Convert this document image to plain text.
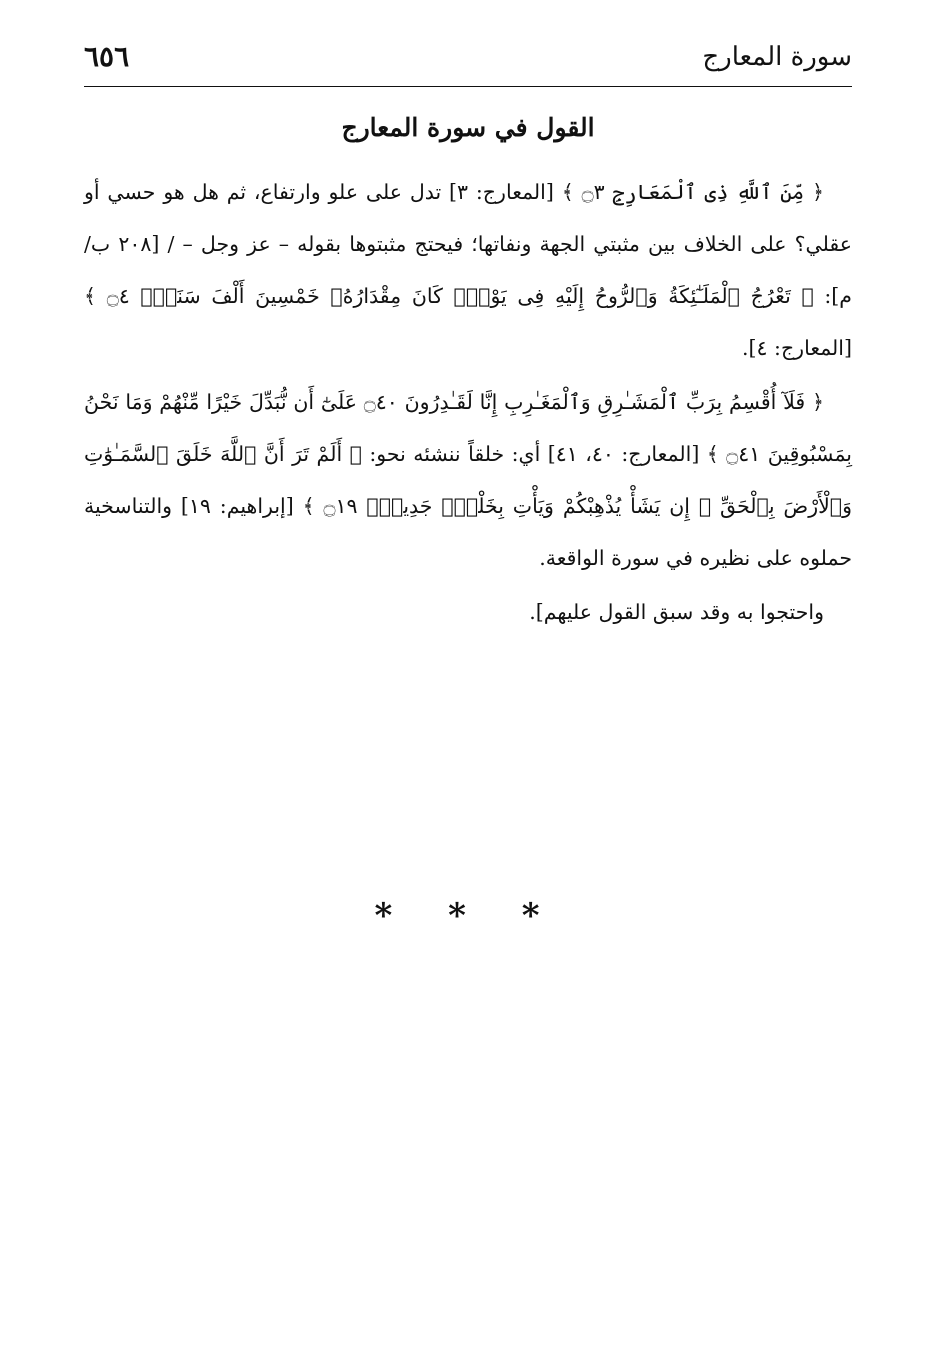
سورة المعارج
٦٥٦
القول في سورة المعارج

﴿ مِّنَ ٱللَّهِ ذِى ٱلْمَعَارِجِ ۝٣ ﴾ [المعارج: ٣] تدل على علو وارتفاع، ثم هل هو حسي أو عقلي؟ على الخلاف بين مثبتي الجهة ونفاتها؛ فيحتج مثبتوها بقوله – عز وجل – / [٢٠٨ ب/م]: ﴿ تَعْرُجُ ٱلْمَلَـٰٓئِكَةُ وَٱلرُّوحُ إِلَيْهِ فِى يَوْمٍۢ كَانَ مِقْدَارُهُۥ خَمْسِينَ أَلْفَ سَنَةٍۢ ۝٤ ﴾ [المعارج: ٤].

﴿ فَلَآ أُقْسِمُ بِرَبِّ ٱلْمَشَـٰرِقِ وَٱلْمَغَـٰرِبِ إِنَّا لَقَـٰدِرُونَ ۝٤٠ عَلَىٰٓ أَن نُّبَدِّلَ خَيْرًا مِّنْهُمْ وَمَا نَحْنُ بِمَسْبُوقِينَ ۝٤١ ﴾ [المعارج: ٤٠، ٤١] أي: خلقاً ننشئه نحو: ﴿ أَلَمْ تَرَ أَنَّ ٱللَّهَ خَلَقَ ٱلسَّمَـٰوَٰتِ وَٱلْأَرْضَ بِٱلْحَقِّ ۚ إِن يَشَأْ يُذْهِبْكُمْ وَيَأْتِ بِخَلْقٍۢ جَدِيدٍۢ ۝١٩ ﴾ [إبراهيم: ١٩] والتناسخية حملوه على نظيره في سورة الواقعة.

واحتجوا به وقد سبق القول عليهم].

* * *
